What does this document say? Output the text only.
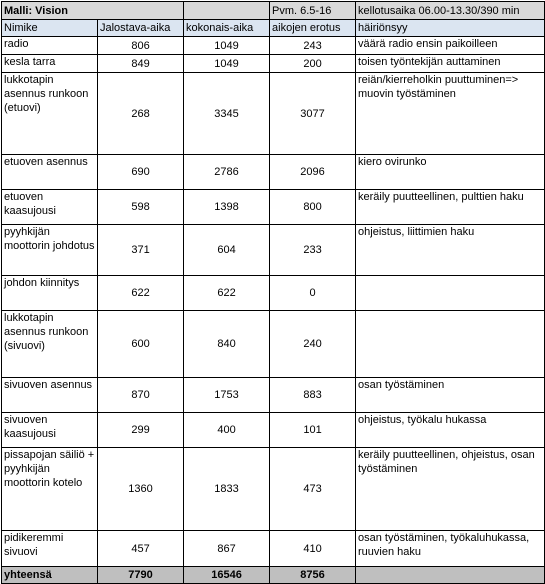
Malli: Vision			Pvm. 6.5-16	kellotusaika 06.00-13.30/390 min
Nimike	Jalostava-aika	kokonais-aika	aikojen erotus	häiriönsyy
radio	806	1049	243	väärä radio ensin paikoilleen
kesla tarra	849	1049	200	toisen työntekijän auttaminen
lukkotapin asennus runkoon (etuovi)	268	3345	3077	reiän/kierreholkin puuttuminen=> muovin työstäminen
etuoven asennus	690	2786	2096	kiero ovirunko
etuoven kaasujousi	598	1398	800	keräily puutteellinen, pulttien haku
pyyhkijän moottorin johdotus	371	604	233	ohjeistus, liittimien haku
johdon kiinnitys	622	622	0	
lukkotapin asennus runkoon (sivuovi)	600	840	240	
sivuoven asennus	870	1753	883	osan työstäminen
sivuoven kaasujousi	299	400	101	ohjeistus, työkalu hukassa
pissapojan säiliö + pyyhkijän moottorin kotelo	1360	1833	473	keräily puutteellinen, ohjeistus, osan työstäminen
pidikeremmi sivuovi	457	867	410	osan työstäminen, työkaluhukassa, ruuvien haku
yhteensä	7790	16546	8756	
